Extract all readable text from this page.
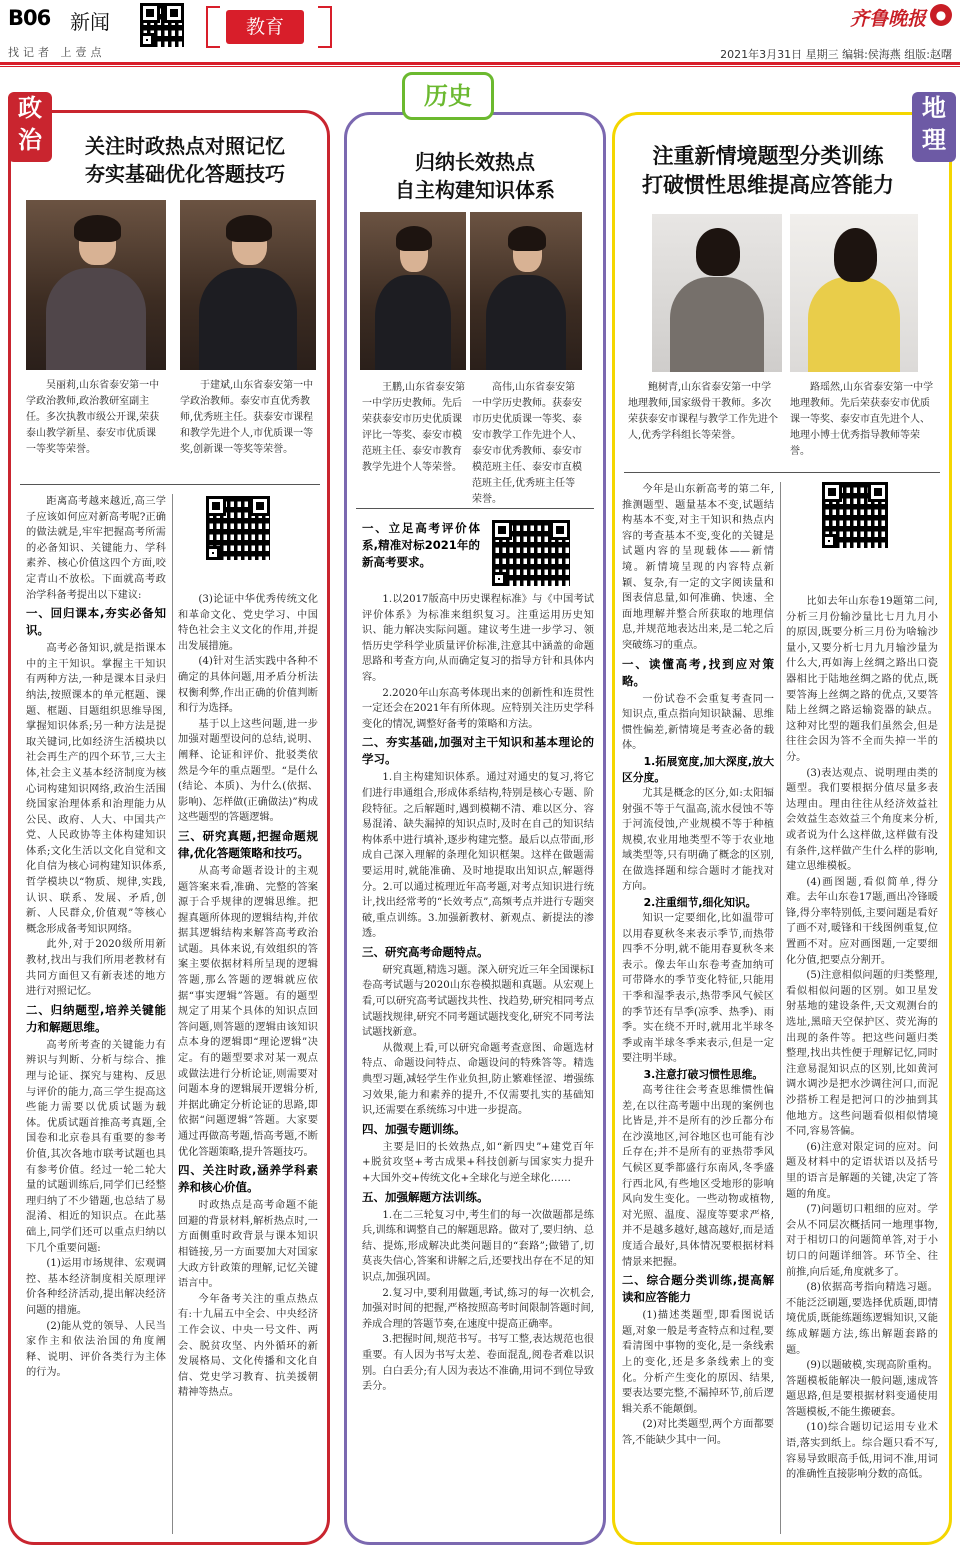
B06 新闻
找记者 上壹点
教育	齐鲁晚报 ●
2021年3月31日 星期三 编辑:侯海燕 组版:赵曙
政治	关注时政热点对照记忆
夯实基础优化答题技巧
吴丽莉,山东省泰安第一中学政治教师,政治教研室副主任。多次执教市级公开课,荣获泰山教学新星、泰安市优质课一等奖等荣誉。
于建斌,山东省泰安第一中学政治教师。泰安市直优秀教师,优秀班主任。获泰安市课程和教学先进个人,市优质课一等奖,创新课一等奖等荣誉。

距离高考越来越近,高三学子应该如何应对新高考呢?正确的做法就是,牢牢把握高考所需的必备知识、关键能力、学科素养、核心价值这四个方面,咬定青山不放松。下面就高考政治学科备考提出以下建议:

一、回归课本,夯实必备知识。

高考必备知识,就是指课本中的主干知识。掌握主干知识有两种方法,一种是课本目录归纳法,按照课本的单元框题、课题、框题、目题组织思维导图,掌握知识体系;另一种方法是提取关键词,比如经济生活模块以社会再生产的四个环节,三大主体,社会主义基本经济制度为核心词构建知识网络,政治生活围绕国家治理体系和治理能力从公民、政府、人大、中国共产党、人民政协等主体构建知识体系;文化生活以文化自觉和文化自信为核心词构建知识体系,哲学模块以“物质、规律,实践,认识、联系、发展、矛盾,创新、人民群众,价值观”等核心概念形成备考知识网络。

此外,对于2020级所用新教材,找出与我们所用老教材有共同方面但又有新表述的地方进行对照记忆。

二、归纳题型,培养关键能力和解题思维。

高考所考查的关键能力有辨识与判断、分析与综合、推理与论证、探究与建构、反思与评价的能力,高三学生提高这些能力需要以优质试题为载体。优质试题首推高考真题,全国卷和北京卷具有重要的参考价值,其次各地市联考试题也具有参考价值。经过一轮二轮大量的试题训练后,同学们已经整理归纳了不少错题,也总结了易混淆、相近的知识点。在此基础上,同学们还可以重点归纳以下几个重要问题:

(1)运用市场规律、宏观调控、基本经济制度相关原理评价各种经济活动,提出解决经济问题的措施。

(2)能从党的领导、人民当家作主和依法治国的角度阐释、说明、评价各类行为主体的行为。

(3)论证中华优秀传统文化和革命文化、党史学习、中国特色社会主义文化的作用,并提出发展措施。

(4)针对生活实践中各种不确定的具体问题,用矛盾分析法权衡利弊,作出正确的价值判断和行为选择。

基于以上这些问题,进一步加强对题型设问的总结,说明、阐释、论证和评价、批驳类依然是今年的重点题型。“是什么(结论、本质)、为什么(依据、影响)、怎样做(正确做法)”构成这些题型的答题逻辑。

三、研究真题,把握命题规律,优化答题策略和技巧。

从高考命题者设计的主观题答案来看,准确、完整的答案源于合乎规律的逻辑思维。把握真题所体现的逻辑结构,并依据其逻辑结构来解答高考政治试题。具体来说,有效组织的答案主要依据材料所呈现的逻辑答题,那么答题的逻辑就应依据“事实逻辑”答题。有的题型规定了用某个具体的知识点回答问题,则答题的逻辑由该知识点本身的逻辑即“理论逻辑”决定。有的题型要求对某一观点或做法进行分析论证,则需要对问题本身的逻辑展开逻辑分析,并据此确定分析论证的思路,即依据“问题逻辑”答题。大家要通过再做高考题,悟高考题,不断优化答题策略,提升答题技巧。

四、关注时政,涵养学科素养和核心价值。

时政热点是高考命题不能回避的背景材料,解析热点时,一方面侧重时政背景与课本知识相链接,另一方面要加大对国家大政方针政策的理解,记忆关键语言中。

今年备考关注的重点热点有:十九届五中全会、中央经济工作会议、中央一号文件、两会、脱贫攻坚、内外循环的新发展格局、文化传播和文化自信、党史学习教育、抗美援朝精神等热点。

历史
归纳长效热点
自主构建知识体系
王鹏,山东省泰安第一中学历史教师。先后荣获泰安市历史优质课评比一等奖、泰安市模范班主任、泰安市教育教学先进个人等荣誉。
高伟,山东省泰安第一中学历史教师。获泰安市历史优质课一等奖、泰安市教学工作先进个人、泰安市优秀教师、泰安市模范班主任、泰安市直模范班主任,优秀班主任等荣誉。
一、立足高考评价体系,精准对标2021年的新高考要求。

1.以2017版高中历史课程标准》与《中国考试评价体系》为标准来组织复习。注重运用历史知识、能力解决实际问题。建议考生进一步学习、领悟历史学科学业质量评价标准,注意其中涵盖的命题思路和考查方向,从而确定复习的指导方针和具体内容。

2.2020年山东高考体现出来的创新性和连贯性一定还会在2021年有所体现。应特别关注历史学科变化的情况,调整好备考的策略和方法。

二、夯实基础,加强对主干知识和基本理论的学习。

1.自主构建知识体系。通过对通史的复习,将它们进行串通组合,形成体系结构,特别是核心专题、阶段特征。之后解题时,遇到模糊不清、难以区分、容易混淆、缺失漏掉的知识点时,及时在自己的知识结构体系中进行填补,逐步构建完整。最后以点带面,形成自己深入理解的条理化知识框架。这样在做题需要运用时,就能准确、及时地提取出知识点,解题得分。2.可以通过梳理近年高考题,对考点知识进行统计,找出经常考的“长效考点”,高频考点并进行专题突破,重点训练。3.加强新教材、新观点、新提法的渗透。

三、研究高考命题特点。

研究真题,精选习题。深入研究近三年全国课标I卷高考试题与2020山东卷模拟题和真题。从宏观上看,可以研究高考试题找共性、找趋势,研究相同考点试题找规律,研究不同考题试题找变化,研究不同考法试题找新意。

从微观上看,可以研究命题考查意图、命题选材特点、命题设问特点、命题设问的特殊答等。精选典型习题,减轻学生作业负担,防止繁难怪涩、增强练习效果,能力和素养的提升,不仅需要扎实的基础知识,还需要在系统练习中进一步提高。

四、加强专题训练。

主要是旧的长效热点,如“新四史”+建党百年+脱贫攻坚+考古成果+科技创新与国家实力提升+大国外交+传统文化+全球化与逆全球化……

五、加强解题方法训练。

1.在二三轮复习中,考生们的每一次做题都是练兵,训练和调整自己的解题思路。做对了,要归纳、总结、提炼,形成解决此类问题目的“套路”;做错了,切莫丧失信心,答案和讲解之后,还要找出存在不足的知识点,加强巩固。

2.复习中,要利用做题,考试,练习的每一次机会,加强对时间的把握,严格按照高考时间限制答题时间,养成合理的答题节奏,在速度中提高正确率。

3.把握时间,规范书写。书写工整,表达规范也很重要。有人因为书写太差、卷面混乱,阅卷者难以识别。白白丢分;有人因为表达不准确,用词不到位导致丢分。

地理
注重新情境题型分类训练
打破惯性思维提高应答能力
鲍树青,山东省泰安第一中学地理教师,国家级骨干教师。多次荣获泰安市课程与教学工作先进个人,优秀学科组长等荣誉。
路瑶然,山东省泰安第一中学地理教师。先后荣获泰安市优质课一等奖、泰安市直先进个人、地理小博士优秀指导教师等荣誉。

今年是山东新高考的第二年,推测题型、题量基本不变,试题结构基本不变,对主干知识和热点内容的考查基本不变,变化的关键是试题内容的呈现载体——新情境。新情境呈现的内容特点新颖、复杂,有一定的文字阅读量和图表信息量,如何准确、快速、全面地理解并整合所获取的地理信息,并规范地表达出来,是二轮之后突破练习的重点。

一、读懂高考,找到应对策略。

一份试卷不会重复考查同一知识点,重点指向知识缺漏、思维惯性偏差,新情境是考查必备的载体。

1.拓展宽度,加大深度,放大区分度。

尤其是概念的区分,如:太阳辐射强不等于气温高,流水侵蚀不等于河流侵蚀,产业规模不等于种植规模,农业用地类型不等于农业地域类型等,只有明确了概念的区别,在做选择题和综合题时才能找对方向。

2.注重细节,细化知识。

知识一定要细化,比如温带可以用春夏秋冬来表示季节,而热带四季不分明,就不能用春夏秋冬来表示。像去年山东卷考查加纳可可带降水的季节变化特征,只能用干季和湿季表示,热带季风气候区的季节还有旱季(凉季、热季)、雨季。实在绕不开时,就用北半球冬季或南半球冬季来表示,但是一定要注明半球。

3.注意打破习惯性思维。

高考往往会考查思维惯性偏差,在以往高考题中出现的案例也比皆是,并不是所有的沙丘都分布在沙漠地区,河谷地区也可能有沙丘存在;并不是所有的亚热带季风气候区夏季都盛行东南风,冬季盛行西北风,有些地区受地形的影响风向发生变化。一些动物或植物,对光照、温度、湿度等要求严格,并不是越多越好,越高越好,而是适度适合最好,具体情况要根据材料情景来把握。

二、综合题分类训练,提高解读和应答能力

(1)描述类题型,即看图说话题,对象一般是考查特点和过程,要看清图中事物的变化,是一条线索上的变化,还是多条线索上的变化。分析产生变化的原因、结果,要表达要完整,不漏掉环节,前后逻辑关系不能颠倒。

(2)对比类题型,两个方面都要答,不能缺少其中一问。

比如去年山东卷19题第二问,分析三月份输沙量比七月九月小的原因,既要分析三月份为啥输沙量小,又要分析七月九月输沙量为什么大,再如海上丝绸之路出口瓷器相比于陆地丝绸之路的优点,既要答海上丝绸之路的优点,又要答陆上丝绸之路运输瓷器的缺点。这种对比型的题我们虽然会,但是往往会因为答不全而失掉一半的分。

(3)表达观点、说明理由类的题型。我们要根据分值尽量多表达理由。理由往往从经济效益社会效益生态效益三个角度来分析,或者说为什么这样做,这样做有没有条件,这样做产生什么样的影响,建立思维模板。

(4)画图题,看似简单,得分难。去年山东卷17题,画出冷锋暖锋,得分率特别低,主要问题是看好了画不对,暖锋和干线图例重复,位置画不对。应对画图题,一定要细化分值,把要点分割开。

(5)注意相似问题的归类整理,看似相似问题的区别。如卫星发射基地的建设条件,天文观测台的选址,黑暗天空保护区、荧光海的出现的条件等。把这些问题归类整理,找出共性便于理解记忆,同时注意易混知识点的区别,比如黄河调水调沙是把水沙调往河口,而泥沙搭桥工程是把河口的沙抽到其他地方。这些问题看似相似情境不同,容易答偏。

(6)注意对限定词的应对。问题及材料中的定语状语以及括号里的语言是解题的关键,决定了答题的角度。

(7)问题切口粗细的应对。学会从不同层次概括同一地理事物,对于相切口的问题简单答,对于小切口的问题详细答。环节全、往前推,向后延,角度就多了。

(8)依据高考指向精选习题。不能泛泛刷题,要选择优质题,即情境优质,既能练题练逻辑知识,又能练成解题方法,练出解题套路的题。

(9)以题破模,实现高阶重构。答题模板能解决一般问题,速成答题思路,但是要根据材料变通使用答题模板,不能生搬硬套。

(10)综合题切记运用专业术语,落实到纸上。综合题只看不写,容易导致眼高手低,用词不准,用词的准确性直接影响分数的高低。
